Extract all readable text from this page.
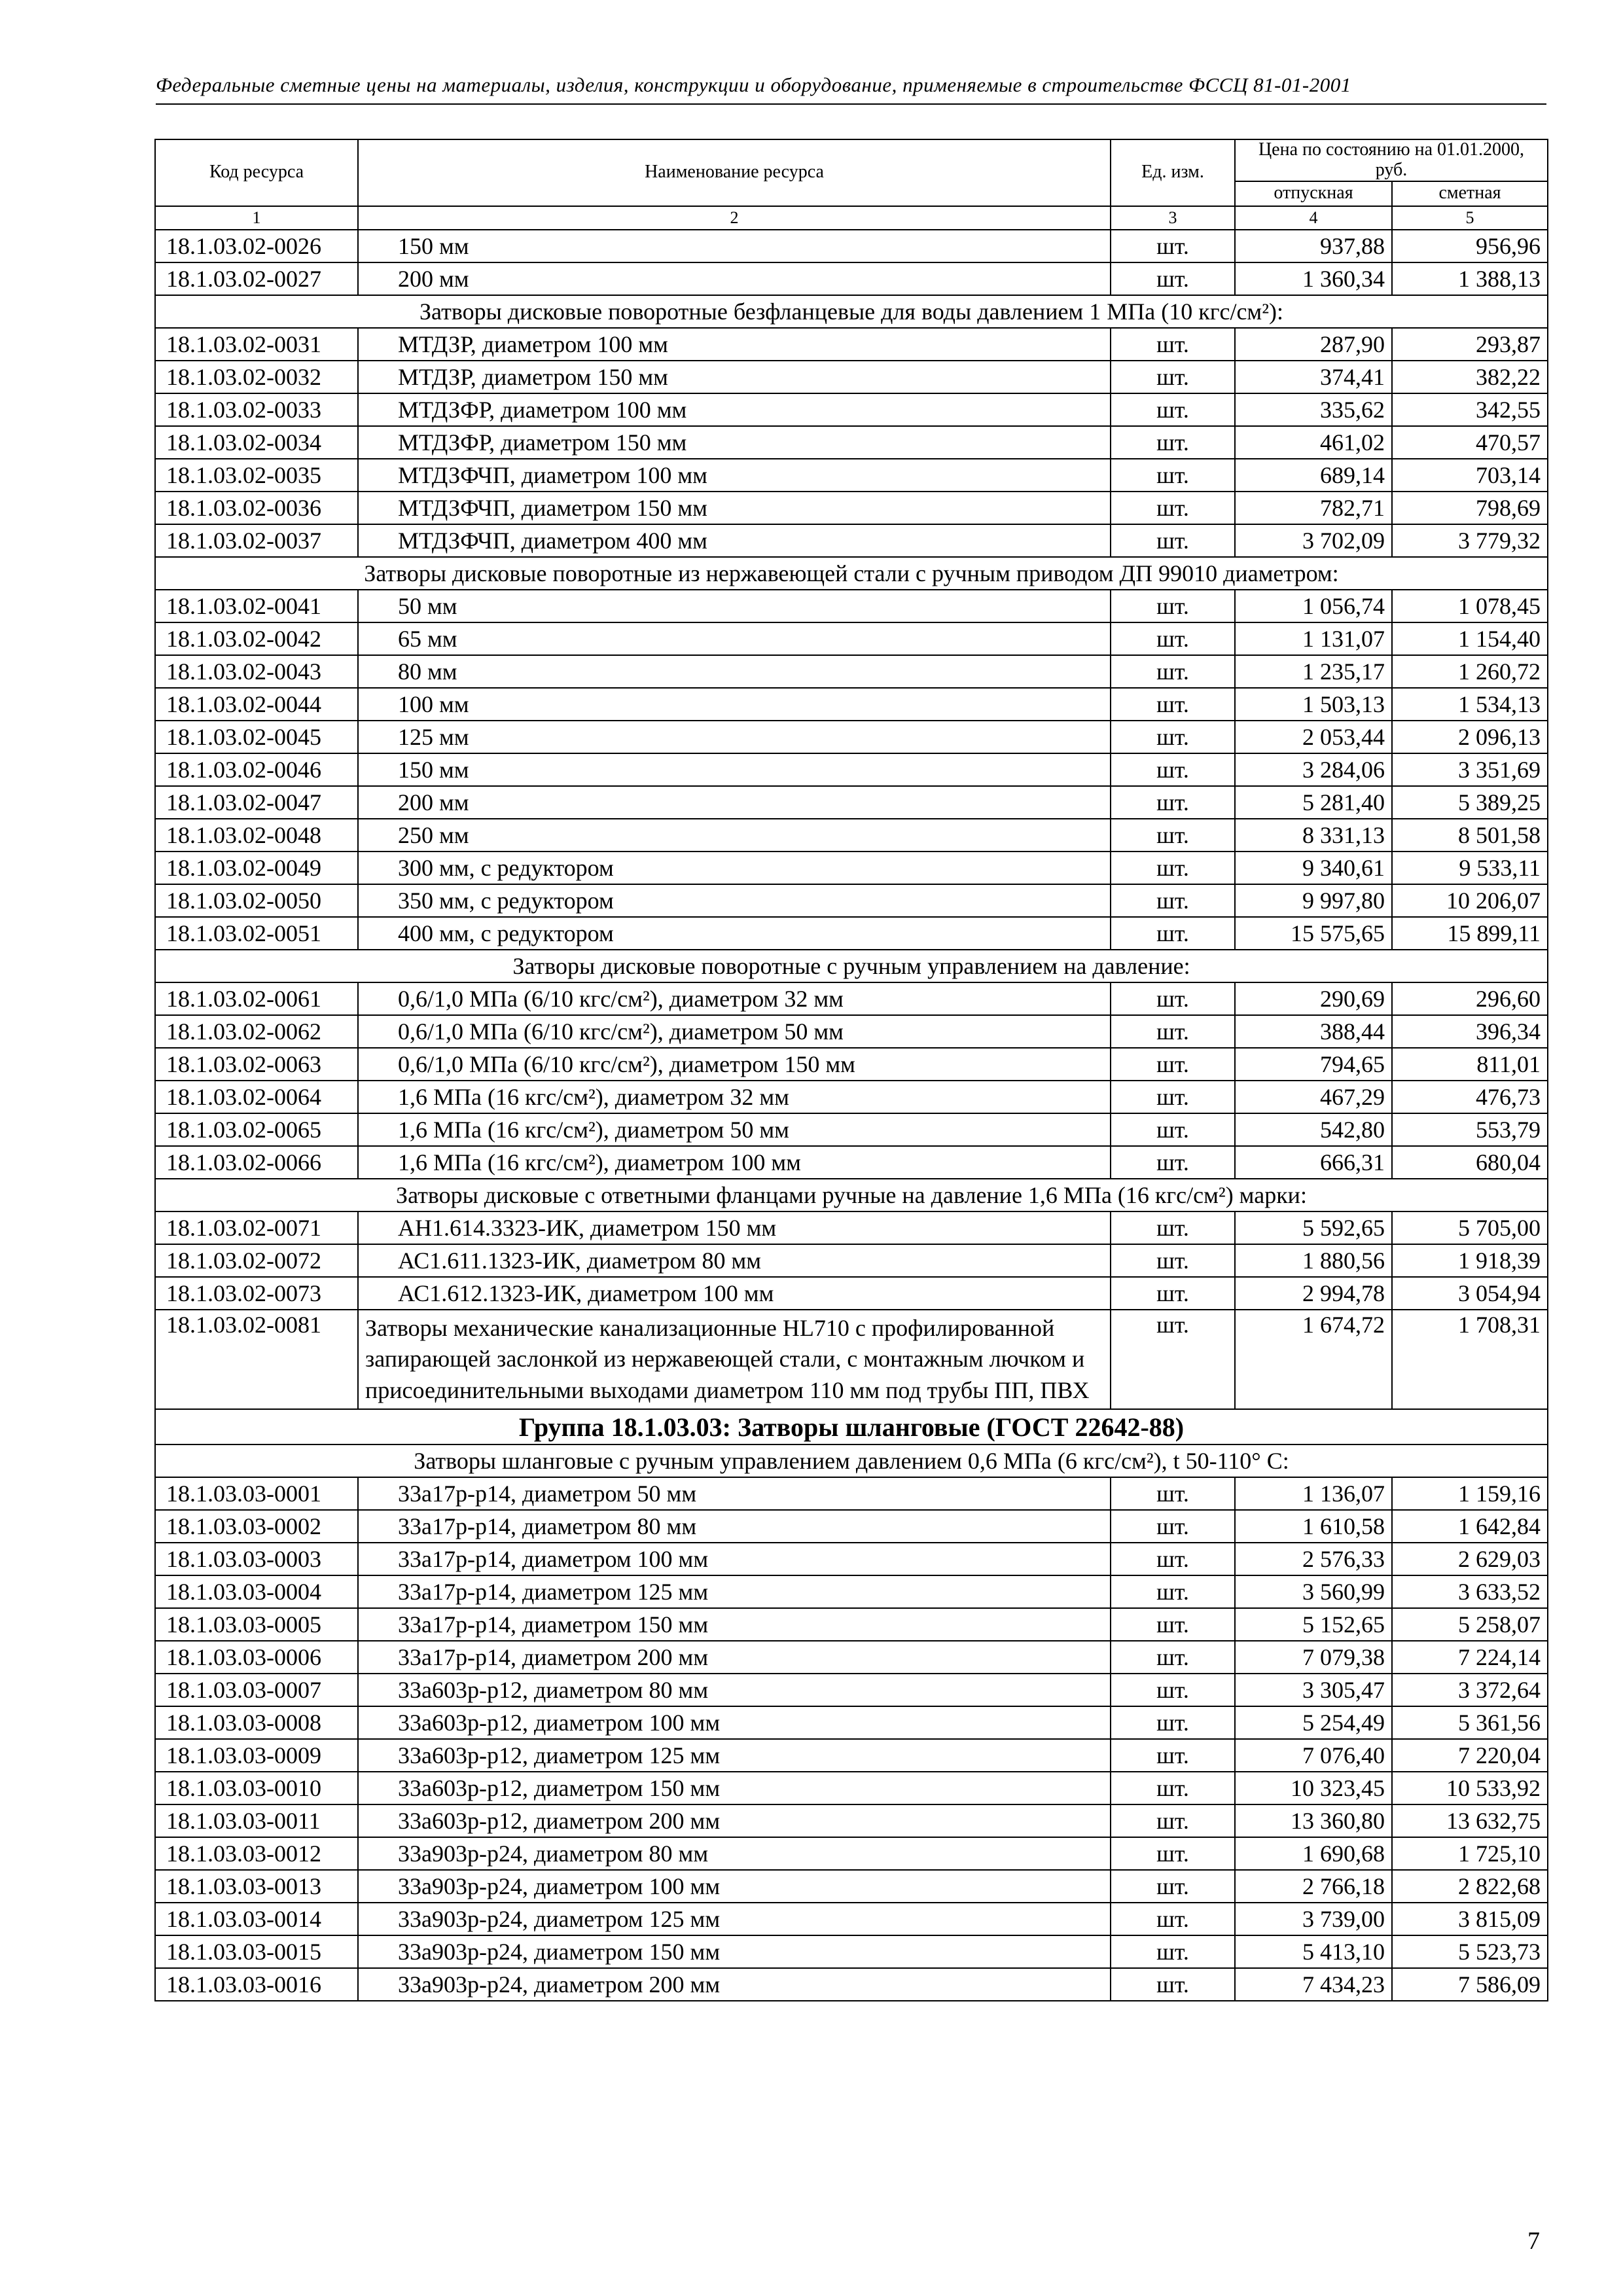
Федеральные сметные цены на материалы, изделия, конструкции и оборудование, применяемые в строительстве ФССЦ 81-01-2001
Код ресурса	Наименование ресурса	Ед. изм.	Цена по состоянию на 01.01.2000, руб.	
			отпускная	сметная
1	2	3	4	5
18.1.03.02-0026	150 мм	шт.	937,88	956,96
18.1.03.02-0027	200 мм	шт.	1 360,34	1 388,13
Затворы дисковые поворотные безфланцевые для воды давлением 1 МПа (10 кгс/см²):				
18.1.03.02-0031	МТДЗР, диаметром 100 мм	шт.	287,90	293,87
18.1.03.02-0032	МТДЗР, диаметром 150 мм	шт.	374,41	382,22
18.1.03.02-0033	МТДЗФР, диаметром 100 мм	шт.	335,62	342,55
18.1.03.02-0034	МТДЗФР, диаметром 150 мм	шт.	461,02	470,57
18.1.03.02-0035	МТДЗФЧП, диаметром 100 мм	шт.	689,14	703,14
18.1.03.02-0036	МТДЗФЧП, диаметром 150 мм	шт.	782,71	798,69
18.1.03.02-0037	МТДЗФЧП, диаметром 400 мм	шт.	3 702,09	3 779,32
Затворы дисковые поворотные из нержавеющей стали с ручным приводом ДП 99010 диаметром:				
18.1.03.02-0041	50 мм	шт.	1 056,74	1 078,45
18.1.03.02-0042	65 мм	шт.	1 131,07	1 154,40
18.1.03.02-0043	80 мм	шт.	1 235,17	1 260,72
18.1.03.02-0044	100 мм	шт.	1 503,13	1 534,13
18.1.03.02-0045	125 мм	шт.	2 053,44	2 096,13
18.1.03.02-0046	150 мм	шт.	3 284,06	3 351,69
18.1.03.02-0047	200 мм	шт.	5 281,40	5 389,25
18.1.03.02-0048	250 мм	шт.	8 331,13	8 501,58
18.1.03.02-0049	300 мм, с редуктором	шт.	9 340,61	9 533,11
18.1.03.02-0050	350 мм, с редуктором	шт.	9 997,80	10 206,07
18.1.03.02-0051	400 мм, с редуктором	шт.	15 575,65	15 899,11
Затворы дисковые поворотные с ручным управлением на давление:				
18.1.03.02-0061	0,6/1,0 МПа (6/10 кгс/см²), диаметром 32 мм	шт.	290,69	296,60
18.1.03.02-0062	0,6/1,0 МПа (6/10 кгс/см²), диаметром 50 мм	шт.	388,44	396,34
18.1.03.02-0063	0,6/1,0 МПа (6/10 кгс/см²), диаметром 150 мм	шт.	794,65	811,01
18.1.03.02-0064	1,6 МПа (16 кгс/см²), диаметром 32 мм	шт.	467,29	476,73
18.1.03.02-0065	1,6 МПа (16 кгс/см²), диаметром 50 мм	шт.	542,80	553,79
18.1.03.02-0066	1,6 МПа (16 кгс/см²), диаметром 100 мм	шт.	666,31	680,04
Затворы дисковые с ответными фланцами ручные на давление 1,6 МПа (16 кгс/см²) марки:				
18.1.03.02-0071	АН1.614.3323-ИК, диаметром 150 мм	шт.	5 592,65	5 705,00
18.1.03.02-0072	АС1.611.1323-ИК, диаметром 80 мм	шт.	1 880,56	1 918,39
18.1.03.02-0073	АС1.612.1323-ИК, диаметром 100 мм	шт.	2 994,78	3 054,94
18.1.03.02-0081	Затворы механические канализационные HL710 с профилированной запирающей заслонкой из нержавеющей стали, с монтажным лючком и присоединительными выходами диаметром 110 мм под трубы ПП, ПВХ	шт.	1 674,72	1 708,31
Группа 18.1.03.03: Затворы шланговые (ГОСТ 22642-88)				
Затворы шланговые с ручным управлением давлением 0,6 МПа (6 кгс/см²), t 50-110° С:				
18.1.03.03-0001	33а17р-р14, диаметром 50 мм	шт.	1 136,07	1 159,16
18.1.03.03-0002	33а17р-р14, диаметром 80 мм	шт.	1 610,58	1 642,84
18.1.03.03-0003	33а17р-р14, диаметром 100 мм	шт.	2 576,33	2 629,03
18.1.03.03-0004	33а17р-р14, диаметром 125 мм	шт.	3 560,99	3 633,52
18.1.03.03-0005	33а17р-р14, диаметром 150 мм	шт.	5 152,65	5 258,07
18.1.03.03-0006	33а17р-р14, диаметром 200 мм	шт.	7 079,38	7 224,14
18.1.03.03-0007	33а603р-р12, диаметром 80 мм	шт.	3 305,47	3 372,64
18.1.03.03-0008	33а603р-р12, диаметром 100 мм	шт.	5 254,49	5 361,56
18.1.03.03-0009	33а603р-р12, диаметром 125 мм	шт.	7 076,40	7 220,04
18.1.03.03-0010	33а603р-р12, диаметром 150 мм	шт.	10 323,45	10 533,92
18.1.03.03-0011	33а603р-р12, диаметром 200 мм	шт.	13 360,80	13 632,75
18.1.03.03-0012	33а903р-р24, диаметром 80 мм	шт.	1 690,68	1 725,10
18.1.03.03-0013	33а903р-р24, диаметром 100 мм	шт.	2 766,18	2 822,68
18.1.03.03-0014	33а903р-р24, диаметром 125 мм	шт.	3 739,00	3 815,09
18.1.03.03-0015	33а903р-р24, диаметром 150 мм	шт.	5 413,10	5 523,73
18.1.03.03-0016	33а903р-р24, диаметром 200 мм	шт.	7 434,23	7 586,09
7
